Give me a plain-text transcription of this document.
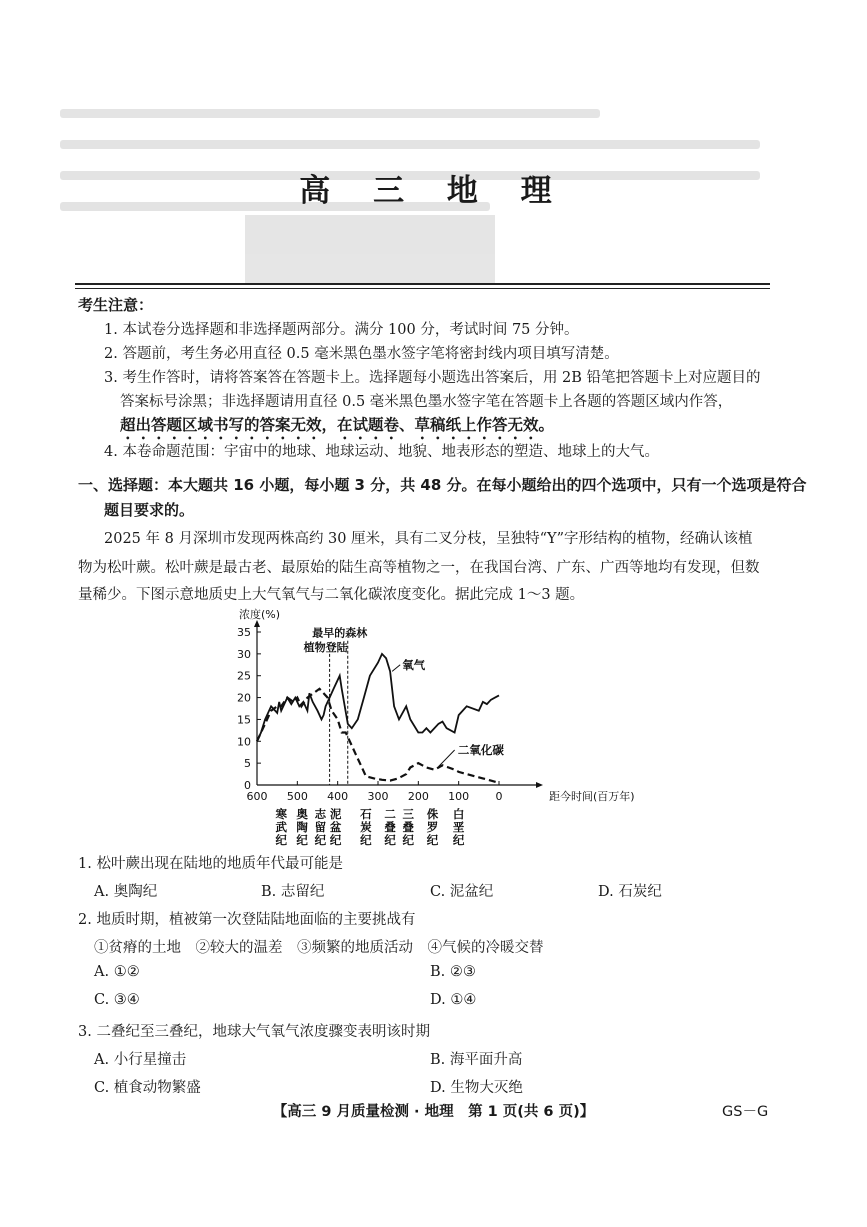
高 三 地 理
考生注意：
1. 本试卷分选择题和非选择题两部分。满分 100 分，考试时间 75 分钟。
2. 答题前，考生务必用直径 0.5 毫米黑色墨水签字笔将密封线内项目填写清楚。
3. 考生作答时，请将答案答在答题卡上。选择题每小题选出答案后，用 2B 铅笔把答题卡上对应题目的
答案标号涂黑；非选择题请用直径 0.5 毫米黑色墨水签字笔在答题卡上各题的答题区域内作答，
超出答题区域书写的答案无效，在试题卷、草稿纸上作答无效。
4. 本卷命题范围：宇宙中的地球、地球运动、地貌、地表形态的塑造、地球上的大气。
一、选择题：本大题共 16 小题，每小题 3 分，共 48 分。在每小题给出的四个选项中，只有一个选项是符合
题目要求的。
2025 年 8 月深圳市发现两株高约 30 厘米，具有二叉分枝，呈独特“Y”字形结构的植物，经确认该植
物为松叶蕨。松叶蕨是最古老、最原始的陆生高等植物之一，在我国台湾、广东、广西等地均有发现，但数
量稀少。下图示意地质史上大气氧气与二氧化碳浓度变化。据此完成 1～3 题。
0
5
10
15
20
25
30
35
600 500 400 300 200 100 0
浓度(%)
距今时间(百万年)
寒
武
纪
奥
陶
纪
志
留
纪
泥
盆
纪
石
炭
纪
二
叠
纪
三
叠
纪
侏
罗
纪
白
垩
纪
氧气
二氧化碳
植物登陆
最早的森林
1. 松叶蕨出现在陆地的地质年代最可能是
A. 奥陶纪	B. 志留纪	C. 泥盆纪	D. 石炭纪
2. 地质时期，植被第一次登陆陆地面临的主要挑战有
①贫瘠的土地　②较大的温差　③频繁的地质活动　④气候的冷暖交替
A. ①②	B. ②③
C. ③④	D. ①④
3. 二叠纪至三叠纪，地球大气氧气浓度骤变表明该时期
A. 小行星撞击	B. 海平面升高
C. 植食动物繁盛	D. 生物大灭绝
【高三 9 月质量检测 · 地理　第 1 页(共 6 页)】	GS－G
